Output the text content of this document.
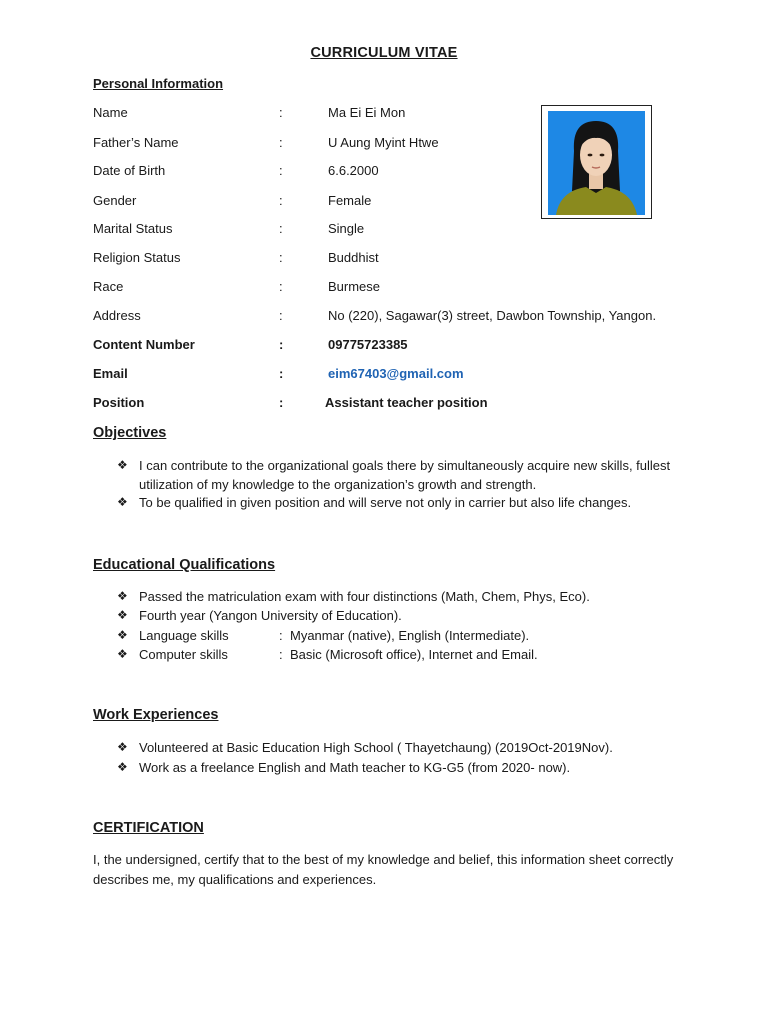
CURRICULUM VITAE
Personal Information
Name	:	Ma Ei Ei Mon
Father’s Name	:	U Aung Myint Htwe
Date of Birth	:	6.6.2000
Gender	:	Female
Marital Status	:	Single
Religion Status	:	Buddhist
Race	:	Burmese
Address	:	No (220), Sagawar(3) street, Dawbon Township, Yangon.
Content Number	:	09775723385
Email	:	eim67403@gmail.com
Position	:	Assistant teacher position
Objectives
❖ I can contribute to the organizational goals there by simultaneously acquire new skills, fullest utilization of my knowledge to the organization’s growth and strength.
❖ To be qualified in given position and will serve not only in carrier but also life changes.
Educational Qualifications
❖ Passed the matriculation exam with four distinctions (Math, Chem, Phys, Eco).
❖ Fourth year (Yangon University of Education).
❖ Language skills	: Myanmar (native), English (Intermediate).
❖ Computer skills	: Basic (Microsoft office), Internet and Email.
Work Experiences
❖ Volunteered at Basic Education High School ( Thayetchaung) (2019Oct-2019Nov).
❖ Work as a freelance English and Math teacher to KG-G5 (from 2020- now).
CERTIFICATION
I, the undersigned, certify that to the best of my knowledge and belief, this information sheet correctly describes me, my qualifications and experiences.
